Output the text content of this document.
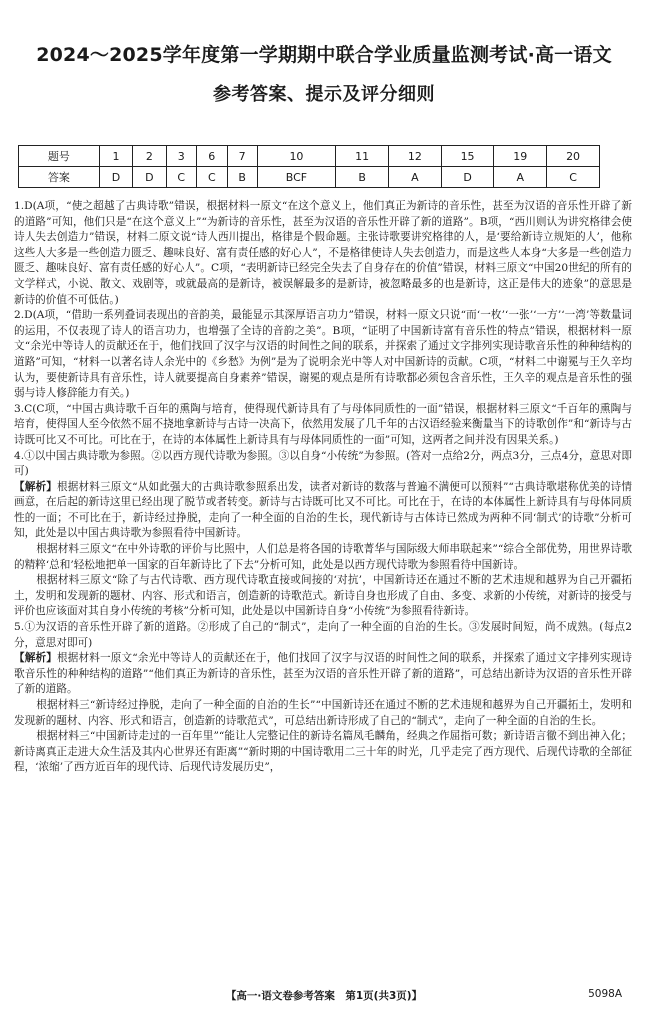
2024～2025学年度第一学期期中联合学业质量监测考试·高一语文
参考答案、提示及评分细则
题号	1	2	3	6	7	10	11	12	15	19	20
答案	D	D	C	C	B	BCF	B	A	D	A	C

1.D(A项，“使之超越了古典诗歌”错误，根据材料一原文“在这个意义上，他们真正为新诗的音乐性，甚至为汉语的音乐性开辟了新的道路”可知，他们只是“在这个意义上”“为新诗的音乐性，甚至为汉语的音乐性开辟了新的道路”。B项，“西川则认为讲究格律会使诗人失去创造力”错误，材料二原文说“诗人西川提出，格律是个假命题。主张诗歌要讲究格律的人，是‘要给新诗立规矩的人’，他称这些人大多是一些创造力匮乏、趣味良好、富有责任感的好心人”，不是格律使诗人失去创造力，而是这些人本身“大多是一些创造力匮乏、趣味良好、富有责任感的好心人”。C项，“表明新诗已经完全失去了自身存在的价值”错误，材料三原文“中国20世纪的所有的文学样式，小说、散文、戏剧等，或就最高的是新诗，被误解最多的是新诗，被忽略最多的也是新诗，这正是伟大的迹象”的意思是新诗的价值不可低估。)

2.D(A项，“借助一系列叠词表现出的音韵美，最能显示其深厚语言功力”错误，材料一原文只说“而‘一枚’‘一张’‘一方’‘一湾’等数量词的运用，不仅表现了诗人的语言功力，也增强了全诗的音韵之美”。B项，“证明了中国新诗富有音乐性的特点”错误，根据材料一原文“余光中等诗人的贡献还在于，他们找回了汉字与汉语的时间性之间的联系，并探索了通过文字排列实现诗歌音乐性的种种结构的道路”可知，“材料一以著名诗人余光中的《乡愁》为例”是为了说明余光中等人对中国新诗的贡献。C项，“材料二中谢冕与王久辛均认为，要使新诗具有音乐性，诗人就要提高自身素养”错误，谢冕的观点是所有诗歌都必须包含音乐性，王久辛的观点是音乐性的强弱与诗人修辞能力有关。)

3.C(C项，“中国古典诗歌千百年的熏陶与培育，使得现代新诗具有了与母体同质性的一面”错误，根据材料三原文“千百年的熏陶与培育，使得国人至今依然不屈不挠地拿新诗与古诗一决高下，依然用发展了几千年的古汉语经验来衡量当下的诗歌创作”和“新诗与古诗既可比又不可比。可比在于，在诗的本体属性上新诗具有与母体同质性的一面”可知，这两者之间并没有因果关系。)

4.①以中国古典诗歌为参照。②以西方现代诗歌为参照。③以自身“小传统”为参照。(答对一点给2分，两点3分，三点4分，意思对即可)

【解析】根据材料三原文“从如此强大的古典诗歌参照系出发，读者对新诗的数落与普遍不满便可以预料”“古典诗歌堪称优美的诗情画意，在后起的新诗这里已经出现了脱节或者转变。新诗与古诗既可比又不可比。可比在于，在诗的本体属性上新诗具有与母体同质性的一面；不可比在于，新诗经过挣脱，走向了一种全面的自治的生长，现代新诗与古体诗已然成为两种不同‘制式’的诗歌”分析可知，此处是以中国古典诗歌为参照看待中国新诗。

根据材料三原文“在中外诗歌的评价与比照中，人们总是将各国的诗歌菁华与国际级大师串联起来”“综合全部优势，用世界诗歌的精粹‘总和’轻松地把单一国家的百年新诗比了下去”分析可知，此处是以西方现代诗歌为参照看待中国新诗。

根据材料三原文“除了与古代诗歌、西方现代诗歌直接或间接的‘对抗’，中国新诗还在通过不断的艺术违规和越界为自己开疆拓土，发明和发现新的题材、内容、形式和语言，创造新的诗歌范式。新诗自身也形成了自由、多变、求新的小传统，对新诗的接受与评价也应该面对其自身小传统的考核”分析可知，此处是以中国新诗自身“小传统”为参照看待新诗。

5.①为汉语的音乐性开辟了新的道路。②形成了自己的“制式”，走向了一种全面的自治的生长。③发展时间短，尚不成熟。(每点2分，意思对即可)

【解析】根据材料一原文“余光中等诗人的贡献还在于，他们找回了汉字与汉语的时间性之间的联系，并探索了通过文字排列实现诗歌音乐性的种种结构的道路”“他们真正为新诗的音乐性，甚至为汉语的音乐性开辟了新的道路”，可总结出新诗为汉语的音乐性开辟了新的道路。

根据材料三“新诗经过挣脱，走向了一种全面的自治的生长”“中国新诗还在通过不断的艺术违规和越界为自己开疆拓土，发明和发现新的题材、内容、形式和语言，创造新的诗歌范式”，可总结出新诗形成了自己的“制式”，走向了一种全面的自治的生长。

根据材料三“中国新诗走过的一百年里”“能让人完整记住的新诗名篇凤毛麟角，经典之作屈指可数；新诗语言徹不到出神入化；新诗离真正走进大众生活及其内心世界还有距离”“新时期的中国诗歌用二三十年的时光，几乎走完了西方现代、后现代诗歌的全部征程，‘浓缩’了西方近百年的现代诗、后现代诗发展历史”，

【高一·语文卷参考答案　第1页(共3页)】	5098A
